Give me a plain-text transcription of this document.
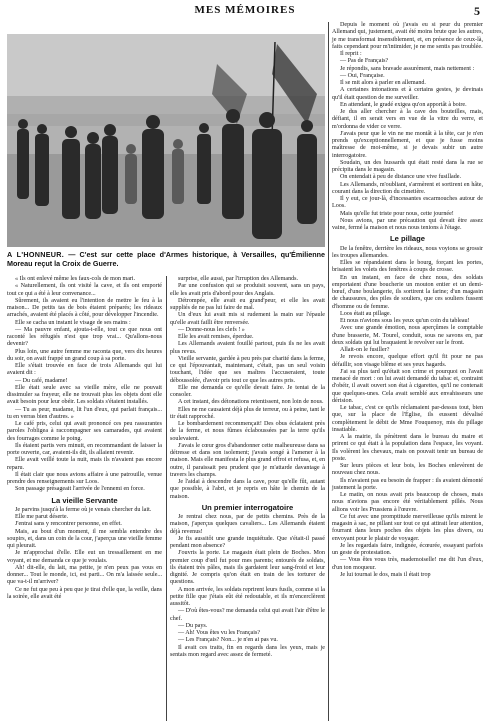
MES MÉMOIRES	5
A L'HONNEUR. — C'est sur cette place d'Armes historique, à Versailles, qu'Émilienne Moreau reçut la Croix de Guerre.

« Ils ont enlevé même les faux-cols de mon mari.

« Naturellement, ils ont visité la cave, et ils ont emporté tout ce qui a été à leur convenance...

Sûrement, ils avaient eu l'intention de mettre le feu à la maison... De petits tas de bois étaient préparés; les rideaux arrachés, avaient été placés à côté, pour développer l'incendie.

Elle se cacha un instant le visage de ses mains :

— Ma pauvre enfant, ajouta-t-elle, tout ce que nous ont raconté les réfugiés n'est que trop vrai... Qu'allons-nous devenir?

Plus loin, une autre femme me raconta que, vers dix heures du soir, on avait frappé un grand coup à sa porte.

Elle s'était trouvée en face de trois Allemands qui lui avaient dit :

— Du café, madame!

Elle était seule avec sa vieille mère, elle ne pouvait dissimuler sa frayeur, elle ne trouvait plus les objets dont elle avait besoin pour leur obéir. Les soldats s'étaient installés.

— Tu as peur, madame, lit l'un d'eux, qui parlait français... tu en verras bien d'autres. »

Le café pris, celui qui avait prononcé ces peu rassurantes paroles l'obligea à raccompagner ses camarades, qui avaient des fourrages comme le poing.

Ils étaient partis vers minuit, en recommandant de laisser la porte ouverte, car, avaient-ils dit, ils allaient revenir.

Elle avait veillé toute la nuit, mais ils n'avaient pas encore reparu.

Il était clair que nous avions affaire à une patrouille, venue prendre des renseignements sur Loos.

Son passage présageait l'arrivée de l'ennemi en force.

La vieille Servante

Je parvins jusqu'à la ferme où je venais chercher du lait.

Elle me parut déserte.

J'entrai sans y rencontrer personne, en effet.

Mais, au bout d'un moment, il me sembla entendre des soupirs, et, dans un coin de la cour, j'aperçus une vieille femme qui pleurait.

Je m'approchai d'elle. Elle eut un tressaillement en me voyant, et me demanda ce que je voulais.

Ah! dit-elle, du lait, ma petite, je n'en peux pas vous en donner... Tout le monde, ici, est parti... On m'a laissée seule... que va-t-il m'arriver?

Ce ne fut que peu à peu que je tirai d'elle que, la veille, dans la soirée, elle avait été

surprise, elle aussi, par l'irruption des Allemands.

Par une confusion qui se produisit souvent, sans un pays, elle les avait pris d'abord pour des Anglais.

Détrompée, elle avait eu grand'peur, et elle les avait suppliés de ne pas lui faire de mal.

Un d'eux lui avait mis si rudement la main sur l'épaule qu'elle avait failli être renversée.

— Donne-nous les clefs ! »

Elle les avait remises, éperdue.

Les Allemands avaient fouillé partout, puis ils ne les avait plus revus.

Vieille servante, gardée à peu près par charité dans la ferme, ce qui l'épouvantait, maintenant, c'était, pas un seul voisin touchant, l'idée que ses maîtres l'accuseraient, toute déboussolée, d'avoir pris tout ce que les autres pris.

Elle me demanda ce qu'elle devait faire. Je tentai de la consoler.

A cet instant, des détonations retentissent, non loin de nous.

Elles ne me causaient déjà plus de terreur, ou à peine, tant le tir était rapproché.

Le bombardement recommençait! Des obus éclataient près de la ferme, et nous fûmes éclaboussées par la terre qu'ils soulevaient.

J'avais le cœur gros d'abandonner cette malheureuse dans sa détresse et dans son isolement; j'avais songé à l'amener à la maison. Mais elle manifesta le plus grand effroi et refusa, et, en outre, il paraissait peu prudent que je m'attarde davantage à travers les champs.

Je l'aidai à descendre dans la cave, pour qu'elle fût, autant que possible, à l'abri, et je repris en hâte le chemin de la maison.

Un premier interrogatoire

Je rentrai chez nous, par de petits chemins. Près de la maison, j'aperçus quelques cavaliers... Les Allemands étaient déjà revenus!

Je fis aussitôt une grande inquiétude. Que s'était-il passé pendant mon absence?

J'ouvris la porte. Le magasin était plein de Boches. Mon premier coup d'œil fut pour mes parents; entourés de soldats, ils étaient très pâles, mais ils gardaient leur sang-froid et leur dignité. Je compris qu'on était en train de les torturer de questions.

A mon arrivée, les soldats reprirent leurs fusils, comme si la petite fille que j'étais eût été redoutable, et ils m'encerclèrent aussitôt.

— D'où êtes-vous? me demanda celui qui avait l'air d'être le chef.

— Du pays.

— Ah! Vous êtes vu les Français?

— Les Français? Non... je n'en ai pas vu.

Il avait ces traits, fin en regards dans les yeux, mais je sentais mon regard avec assez de fermeté.

Depuis le moment où j'avais eu si peur du premier Allemand qui, justement, avait été moins brute que les autres, je me transformai insensiblement, et, en présence de ceux-là, faits cependant pour m'intimider, je ne me sentis pas troublée.

Il reprit :

— Pas de Français?

Je répondis, sans bravade assurément, mais nettement :

— Oui, Française.

Il se mit alors à parler en allemand.

A certaines intonations et à certains gestes, je devinais qu'il était question de me surveiller.

En attendant, le gradé exigea qu'on apportât à boire.

Je dus aller chercher à la cave des bouteilles, mais, défiant, il en serait vers en vue de la vitre du verre, et m'ordonna de vider ce verre.

J'avais peur que le vin ne me montât à la tête, car je n'en prends qu'exceptionnellement, et que je fusse moins maîtresse de moi-même, si je devais subir un autre interrogatoire.

Soudain, un des hussards qui était resté dans la rue se précipita dans le magasin.

On entendait à peu de distance une vive fusillade.

Les Allemands, m'oubliant, s'armèrent et sortirent en hâte, courant dans la direction du cimetière.

Il y eut, ce jour-là, d'incessantes escarmouches autour de Loos.

Mais qu'elle fut triste pour nous, cette journée!

Nous avions, par une précaution qui devait être assez vaine, fermé la maison et nous nous tenions à l'étage.

Le pillage

De la fenêtre, derrière les rideaux, nous voyions se grossir les troupes allemandes.

Elles se répandaient dans le bourg, forçant les portes, brisaient les volets des fenêtres à coups de crosse.

En un instant, en face de chez nous, des soldats emportaient d'une boucherie un mouton entier et un demi-bœuf, d'une boulangerie, ils sortirent la farine; d'un magasin de chaussures, des piles de souliers, que ces souliers fussent d'homme ou de femme.

Loos était au pillage.

Et nous n'avions sous les yeux qu'un coin du tableau!

Avec une grande émotion, nous aperçûmes le comptable d'une brasserie, M. Tourel, conduit, sous ne savons en, par deux soldats qui lui braquaient le revolver sur le front.

Allait-on le fusiller?

Je revois encore, quelque effort qu'il fit pour ne pas défaillir, son visage blême et ses yeux hagards.

J'ai su plus tard qu'était son crime et pourquoi on l'avait menacé de mort : on lui avait demandé du tabac et, contraint d'obéir, il avait ouvert son état à cigarettes, qu'il ne contenait que quelques-unes. Cela avait semblé aux envahisseurs une dérision.

Le tabac, c'est ce qu'ils réclamaient par-dessus tout, bien que, sur la place de l'Église, ils eussent dévalisé complètement le débit de Mme Fouquenoy, mis du pillage insatiable.

A la mairie, ils pénètrent dans le bureau du maire et prirent ce qui était à la population dans l'espace, les voyant. Ils volèrent les chevaux, mais on pouvait tenir un bureau de poste.

Sur leurs pièces et leur bois, les Boches enlevèrent de nouveau chez nous.

Ils n'avaient pas eu besoin de frapper : ils avaient démonté justement la porte.

Le matin, on nous avait pris beaucoup de choses, mais nous n'avions pas encore été véritablement pillés. Nous allions voir les Prussiens à l'œuvre.

Ce fut avec une promptitude merveilleuse qu'ils mirent le magasin à sac, ne pillant sur tout ce qui attirait leur attention, fourrant dans leurs poches des objets les plus divers, ou envoyant pour le plaisir de voyager.

Je les regardais faire, indignée, écœurée, essayant parfois un geste de protestation.

— Vous êtes vous très, mademoiselle! me dit l'un d'eux, d'un ton moqueur.

Je lui tournai le dos, mais il était trop
